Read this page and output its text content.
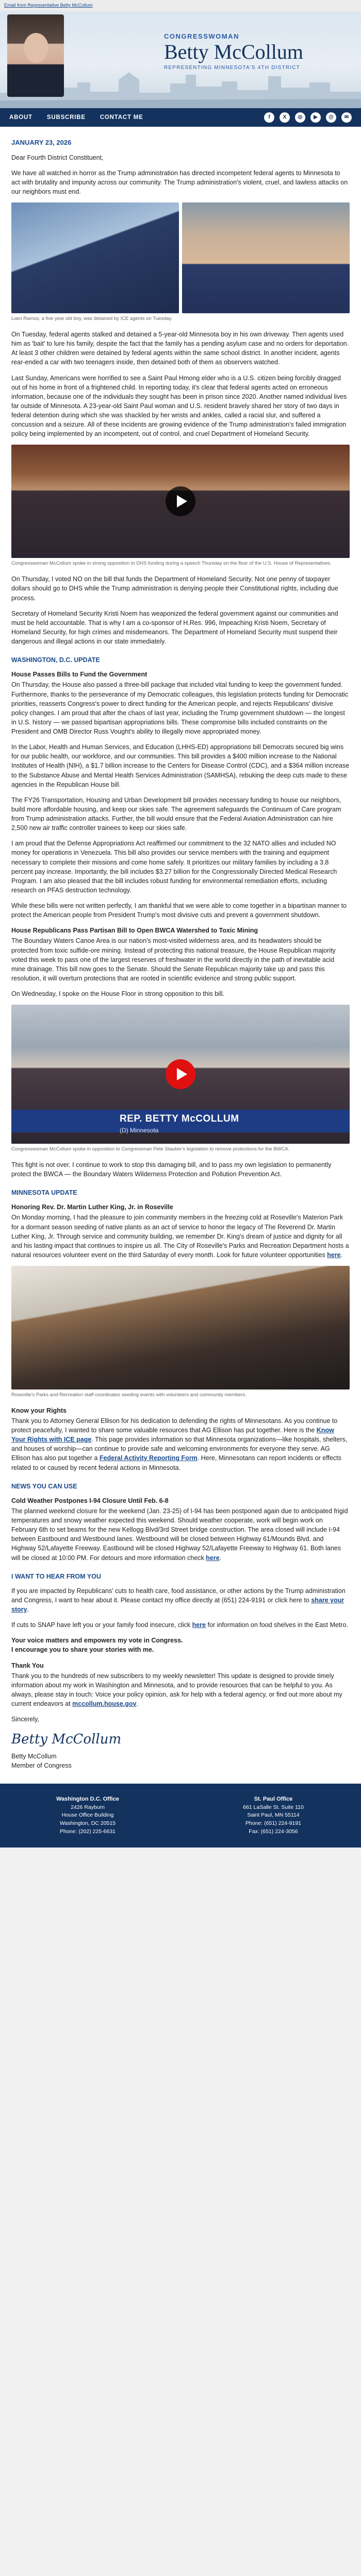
Email from Representative Betty McCollum
CONGRESSWOMAN
Betty McCollum
REPRESENTING MINNESOTA'S 4TH DISTRICT
ABOUT SUBSCRIBE CONTACT ME	f	X	◎	▶	@	✉
JANUARY 23, 2026

Dear Fourth District Constituent,

We have all watched in horror as the Trump administration has directed incompetent federal agents to Minnesota to act with brutality and impunity across our community. The Trump administration's violent, cruel, and lawless attacks on our neighbors must end.

Liam Ramos, a five year old boy, was detained by ICE agents on Tuesday.

On Tuesday, federal agents stalked and detained a 5-year-old Minnesota boy in his own driveway. Then agents used him as 'bait' to lure his family, despite the fact that the family has a pending asylum case and no orders for deportation. At least 3 other children were detained by federal agents within the same school district. In another incident, agents rear-ended a car with two teenagers inside, then detained both of them as observers watched.

Last Sunday, Americans were horrified to see a Saint Paul Hmong elder who is a U.S. citizen being forcibly dragged out of his home in front of a frightened child. In reporting today, it's clear that federal agents acted on erroneous information, because one of the individuals they sought has been in prison since 2020. Another named individual lives far outside of Minnesota. A 23-year-old Saint Paul woman and U.S. resident bravely shared her story of two days in federal detention during which she was shackled by her wrists and ankles, called a racial slur, and suffered a concussion and a seizure. All of these incidents are growing evidence of the Trump administration's failed immigration policy being implemented by an incompetent, out of control, and cruel Department of Homeland Security.

Congresswoman McCollum spoke in strong opposition to DHS funding during a speech Thursday on the floor of the U.S. House of Representatives.

On Thursday, I voted NO on the bill that funds the Department of Homeland Security. Not one penny of taxpayer dollars should go to DHS while the Trump administration is denying people their Constitutional rights, including due process.

Secretary of Homeland Security Kristi Noem has weaponized the federal government against our communities and must be held accountable. That is why I am a co-sponsor of H.Res. 996, Impeaching Kristi Noem, Secretary of Homeland Security, for high crimes and misdemeanors. The Department of Homeland Security must suspend their dangerous and illegal actions in our state immediately.

WASHINGTON, D.C. UPDATE
House Passes Bills to Fund the Government

On Thursday, the House also passed a three-bill package that included vital funding to keep the government funded. Furthermore, thanks to the perseverance of my Democratic colleagues, this legislation protects funding for Democratic priorities, reasserts Congress's power to direct funding for the American people, and rejects Republicans' divisive policy changes. I am proud that after the chaos of last year, including the Trump government shutdown — the longest in U.S. history — we passed bipartisan appropriations bills. These compromise bills included constraints on the President and OMB Director Russ Vought's ability to illegally move appropriated money.

In the Labor, Health and Human Services, and Education (LHHS-ED) appropriations bill Democrats secured big wins for our public health, our workforce, and our communities. This bill provides a $400 million increase to the National Institutes of Health (NIH), a $1.7 billion increase to the Centers for Disease Control (CDC), and a $364 million increase to the Substance Abuse and Mental Health Services Administration (SAMHSA), rebuking the deep cuts made to these agencies in the Republican House bill.

The FY26 Transportation, Housing and Urban Development bill provides necessary funding to house our neighbors, build more affordable housing, and keep our skies safe. The agreement safeguards the Continuum of Care program from Trump administration attacks. Further, the bill would ensure that the Federal Aviation Administration can hire 2,500 new air traffic controller trainees to keep our skies safe.

I am proud that the Defense Appropriations Act reaffirmed our commitment to the 32 NATO allies and included NO money for operations in Venezuela. This bill also provides our service members with the training and equipment necessary to complete their missions and come home safely. It prioritizes our military families by including a 3.8 percent pay increase. Importantly, the bill includes $3.27 billion for the Congressionally Directed Medical Research Program. I am also pleased that the bill includes robust funding for environmental remediation efforts, including research on PFAS destruction technology.

While these bills were not written perfectly, I am thankful that we were able to come together in a bipartisan manner to protect the American people from President Trump's most divisive cuts and prevent a government shutdown.

House Republicans Pass Partisan Bill to Open BWCA Watershed to Toxic Mining

The Boundary Waters Canoe Area is our nation's most-visited wilderness area, and its headwaters should be protected from toxic sulfide-ore mining. Instead of protecting this national treasure, the House Republican majority voted this week to pass one of the largest reserves of freshwater in the world directly in the path of inevitable acid mine drainage. This bill now goes to the Senate. Should the Senate Republican majority take up and pass this resolution, it will overturn protections that are rooted in scientific evidence and strong public support.

On Wednesday, I spoke on the House Floor in strong opposition to this bill.

REP. BETTY McCOLLUM
(D) Minnesota
Congresswoman McCollum spoke in opposition to Congressman Pete Stauber's legislation to remove protections for the BWCA.

This fight is not over. I continue to work to stop this damaging bill, and to pass my own legislation to permanently protect the BWCA — the Boundary Waters Wilderness Protection and Pollution Prevention Act.

MINNESOTA UPDATE
Honoring Rev. Dr. Martin Luther King, Jr. in Roseville

On Monday morning, I had the pleasure to join community members in the freezing cold at Roseville's Materion Park for a dormant season seeding of native plants as an act of service to honor the legacy of The Reverend Dr. Martin Luther King, Jr. Through service and community building, we remember Dr. King's dream of justice and dignity for all and his lasting impact that continues to inspire us all. The City of Roseville's Parks and Recreation Department hosts a natural resources volunteer event on the third Saturday of every month. Look for future volunteer opportunities here.

Roseville's Parks and Recreation staff coordinates seeding events with volunteers and community members.
Know your Rights

Thank you to Attorney General Ellison for his dedication to defending the rights of Minnesotans. As you continue to protect peacefully, I wanted to share some valuable resources that AG Ellison has put together. Here is the Know Your Rights with ICE page. This page provides information so that Minnesota organizations—like hospitals, shelters, and houses of worship—can continue to provide safe and welcoming environments for everyone they serve. AG Ellison has also put together a Federal Activity Reporting Form. Here, Minnesotans can report incidents or effects related to or caused by recent federal actions in Minnesota.

NEWS YOU CAN USE
Cold Weather Postpones I-94 Closure Until Feb. 6-8

The planned weekend closure for the weekend (Jan. 23-25) of I-94 has been postponed again due to anticipated frigid temperatures and snowy weather expected this weekend. Should weather cooperate, work will begin work on February 6th to set beams for the new Kellogg Blvd/3rd Street bridge construction. The area closed will include I-94 between Eastbound and Westbound lanes. Westbound will be closed between Highway 61/Mounds Blvd. and Highway 52/Lafayette Freeway. Eastbound will be closed Highway 52/Lafayette Freeway to Highway 61. Both lanes will be closed at 10:00 PM. For detours and more information check here.

I WANT TO HEAR FROM YOU

If you are impacted by Republicans' cuts to health care, food assistance, or other actions by the Trump administration and Congress, I want to hear about it. Please contact my office directly at (651) 224-9191 or click here to share your story.

If cuts to SNAP have left you or your family food insecure, click here for information on food shelves in the East Metro.

Your voice matters and empowers my vote in Congress.
I encourage you to share your stories with me.

Thank You

Thank you to the hundreds of new subscribers to my weekly newsletter! This update is designed to provide timely information about my work in Washington and Minnesota, and to provide resources that can be helpful to you. As always, please stay in touch: Voice your policy opinion, ask for help with a federal agency, or find out more about my current endeavors at mccollum.house.gov.

Sincerely,

Betty McCollum
Betty McCollum
Member of Congress
Washington D.C. Office
2426 Rayburn
House Office Building
Washington, DC 20515
Phone: (202) 225-6631
St. Paul Office
661 LaSalle St. Suite 110
Saint Paul, MN 55114
Phone: (651) 224-9191
Fax: (651) 224-3056
